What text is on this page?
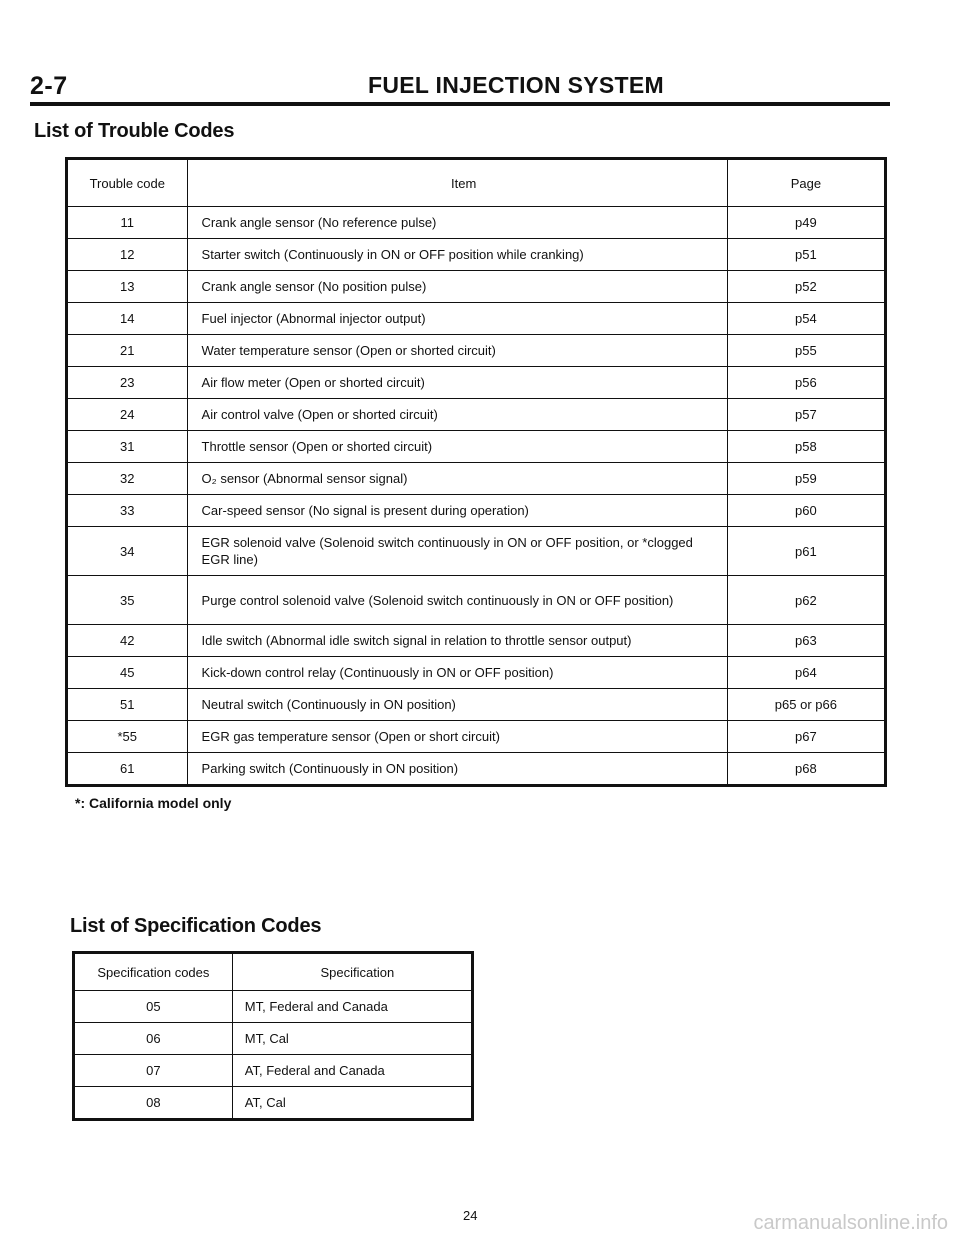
2-7	FUEL INJECTION SYSTEM
List of Trouble Codes
Trouble code	Item	Page
11	Crank angle sensor (No reference pulse)	p49
12	Starter switch (Continuously in ON or OFF position while cranking)	p51
13	Crank angle sensor (No position pulse)	p52
14	Fuel injector (Abnormal injector output)	p54
21	Water temperature sensor (Open or shorted circuit)	p55
23	Air flow meter (Open or shorted circuit)	p56
24	Air control valve (Open or shorted circuit)	p57
31	Throttle sensor (Open or shorted circuit)	p58
32	O₂ sensor (Abnormal sensor signal)	p59
33	Car-speed sensor (No signal is present during operation)	p60
34	EGR solenoid valve (Solenoid switch continuously in ON or OFF position, or *clogged EGR line)	p61
35	Purge control solenoid valve (Solenoid switch continuously in ON or OFF position)	p62
42	Idle switch (Abnormal idle switch signal in relation to throttle sensor output)	p63
45	Kick-down control relay (Continuously in ON or OFF position)	p64
51	Neutral switch (Continuously in ON position)	p65 or p66
*55	EGR gas temperature sensor (Open or short circuit)	p67
61	Parking switch (Continuously in ON position)	p68
*: California model only
List of Specification Codes
Specification codes	Specification
05	MT, Federal and Canada
06	MT, Cal
07	AT, Federal and Canada
08	AT, Cal
24	carmanualsonline.info
